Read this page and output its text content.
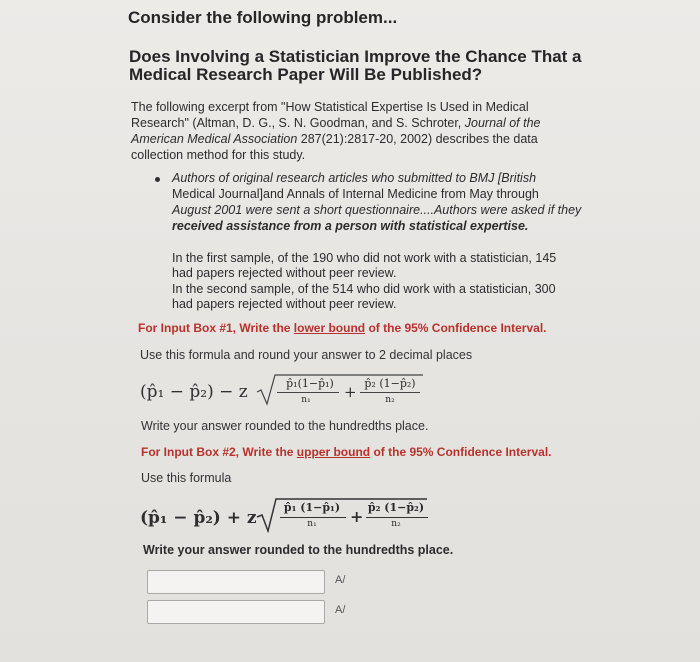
Consider the following problem...
Does Involving a Statistician Improve the Chance That a
Medical Research Paper Will Be Published?
The following excerpt from "How Statistical Expertise Is Used in Medical
Research" (Altman, D. G., S. N. Goodman, and S. Schroter, Journal of the
American Medical Association 287(21):2817-20, 2002) describes the data
collection method for this study.
Authors of original research articles who submitted to BMJ [British
Medical Journal]and Annals of Internal Medicine from May through
August 2001 were sent a short questionnaire....Authors were asked if they
received assistance from a person with statistical expertise.
In the first sample, of the 190 who did not work with a statistician, 145
had papers rejected without peer review.
In the second sample, of the 514 who did work with a statistician, 300
had papers rejected without peer review.
For Input Box #1, Write the lower bound of the 95% Confidence Interval.
Use this formula and round your answer to 2 decimal places
(p̂₁ − p̂₂) − z	p̂₁(1−p̂₁)
n₁	+ p̂₂ (1−p̂₂)
n₂
Write your answer rounded to the hundredths place.
For Input Box #2, Write the upper bound of the 95% Confidence Interval.
Use this formula
(p̂₁ − p̂₂) + z
p̂₁ (1−p̂₁)
n₁	+ p̂₂ (1−p̂₂)
n₂
Write your answer rounded to the hundredths place.
A/
A/
